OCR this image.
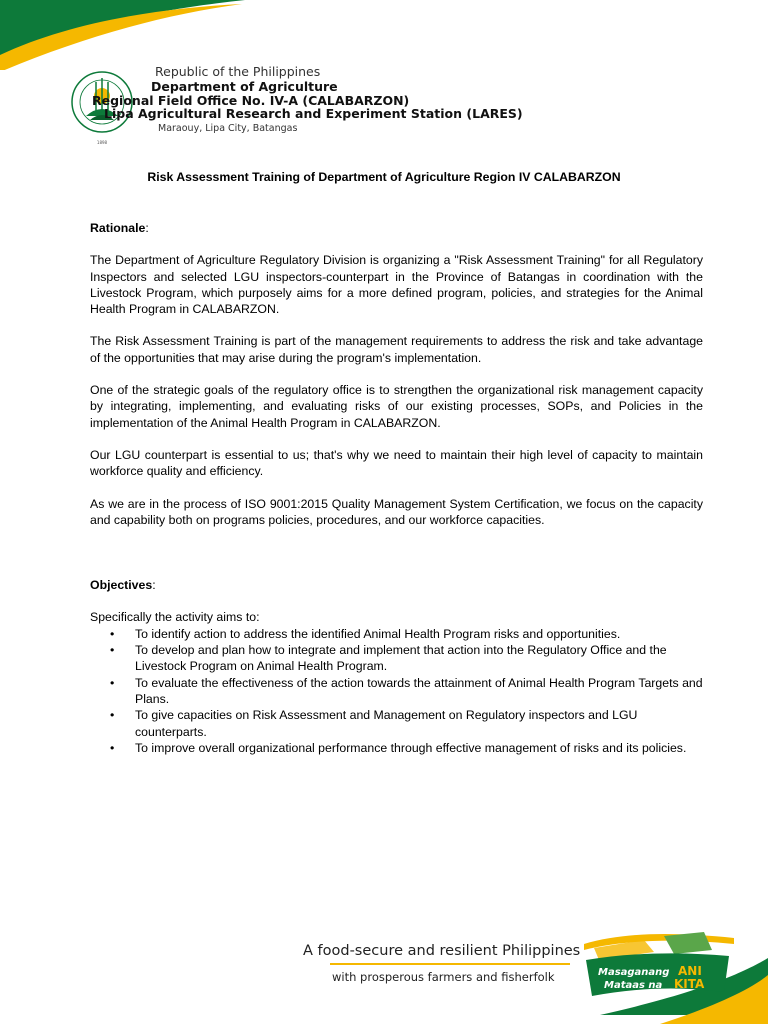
1898
Republic of the Philippines
Department of Agriculture
Regional Field Office No. IV-A (CALABARZON)
Lipa Agricultural Research and Experiment Station (LARES)
Maraouy, Lipa City, Batangas
Risk Assessment Training of Department of Agriculture Region IV CALABARZON

Rationale:

The Department of Agriculture Regulatory Division is organizing a "Risk Assessment Training" for all Regulatory Inspectors and selected LGU inspectors-counterpart in the Province of Batangas in coordination with the Livestock Program, which purposely aims for a more defined program, policies, and strategies for the Animal Health Program in CALABARZON.

The Risk Assessment Training is part of the management requirements to address the risk and take advantage of the opportunities that may arise during the program's implementation.

One of the strategic goals of the regulatory office is to strengthen the organizational risk management capacity by integrating, implementing, and evaluating risks of our existing processes, SOPs, and Policies in the implementation of the Animal Health Program in CALABARZON.

Our LGU counterpart is essential to us; that's why we need to maintain their high level of capacity to maintain workforce quality and efficiency.

As we are in the process of ISO 9001:2015 Quality Management System Certification, we focus on the capacity and capability both on programs policies, procedures, and our workforce capacities.

Objectives:

Specifically the activity aims to:

• To identify action to address the identified Animal Health Program risks and opportunities.
• To develop and plan how to integrate and implement that action into the Regulatory Office and the Livestock Program on Animal Health Program.
• To evaluate the effectiveness of the action towards the attainment of Animal Health Program Targets and Plans.
• To give capacities on Risk Assessment and Management on Regulatory inspectors and LGU counterparts.
• To improve overall organizational performance through effective management of risks and its policies.
A food-secure and resilient Philippines
with prosperous farmers and fisherfolk	Masaganang ANI
Mataas na KITA
